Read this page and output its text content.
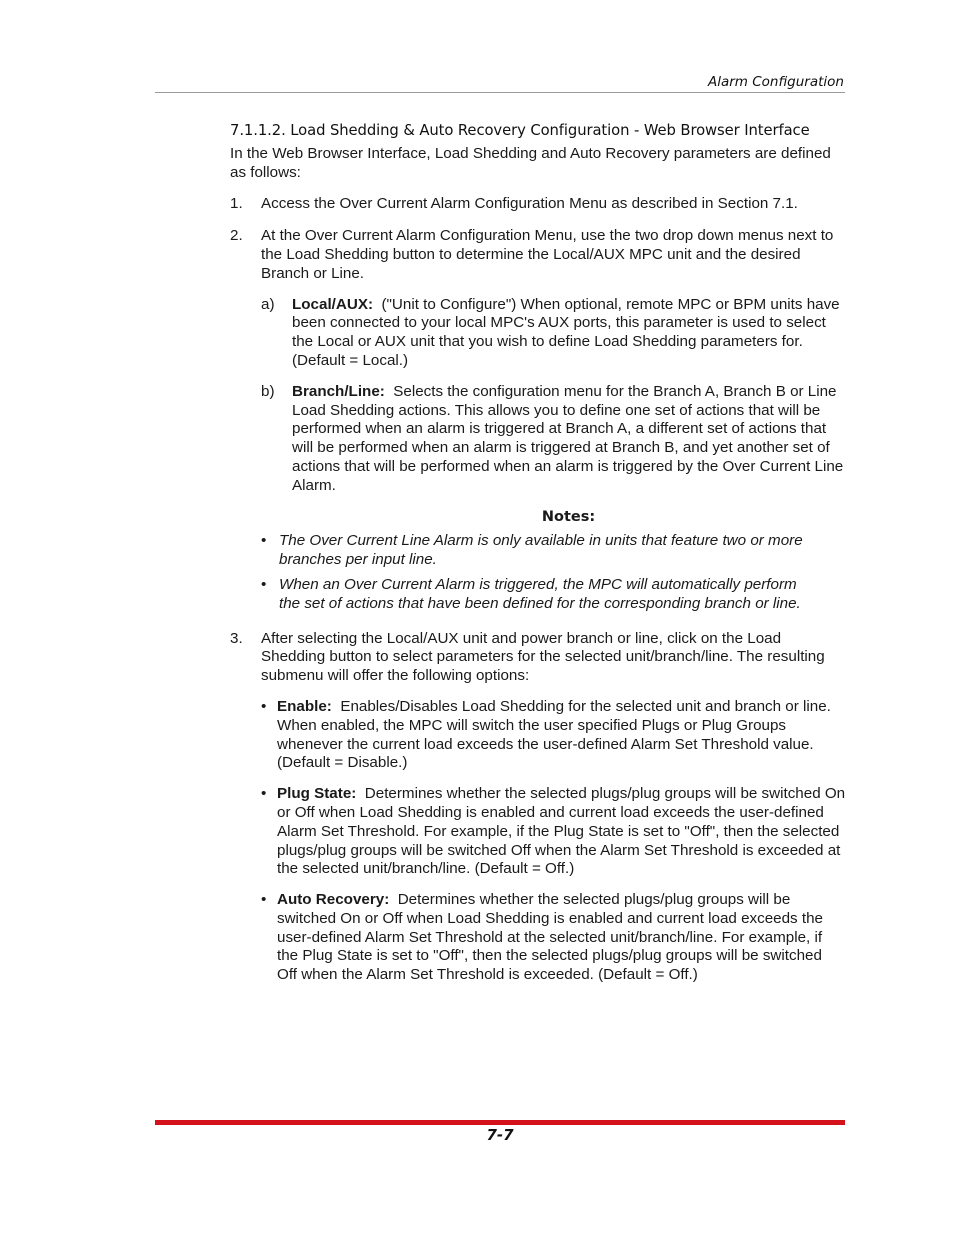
Alarm Configuration
7.1.1.2. Load Shedding & Auto Recovery Configuration - Web Browser Interface

In the Web Browser Interface, Load Shedding and Auto Recovery parameters are defined as follows:

1. Access the Over Current Alarm Configuration Menu as described in Section 7.1.
2. At the Over Current Alarm Configuration Menu, use the two drop down menus next to the Load Shedding button to determine the Local/AUX MPC unit and the desired Branch or Line.
a) Local/AUX: ("Unit to Configure") When optional, remote MPC or BPM units have been connected to your local MPC's AUX ports, this parameter is used to select the Local or AUX unit that you wish to define Load Shedding parameters for. (Default = Local.)
b) Branch/Line: Selects the configuration menu for the Branch A, Branch B or Line Load Shedding actions. This allows you to define one set of actions that will be performed when an alarm is triggered at Branch A, a different set of actions that will be performed when an alarm is triggered at Branch B, and yet another set of actions that will be performed when an alarm is triggered by the Over Current Line Alarm.
Notes:
• The Over Current Line Alarm is only available in units that feature two or more branches per input line.
• When an Over Current Alarm is triggered, the MPC will automatically perform the set of actions that have been defined for the corresponding branch or line.
3. After selecting the Local/AUX unit and power branch or line, click on the Load Shedding button to select parameters for the selected unit/branch/line. The resulting submenu will offer the following options:
• Enable: Enables/Disables Load Shedding for the selected unit and branch or line. When enabled, the MPC will switch the user specified Plugs or Plug Groups whenever the current load exceeds the user-defined Alarm Set Threshold value. (Default = Disable.)
• Plug State: Determines whether the selected plugs/plug groups will be switched On or Off when Load Shedding is enabled and current load exceeds the user-defined Alarm Set Threshold. For example, if the Plug State is set to "Off", then the selected plugs/plug groups will be switched Off when the Alarm Set Threshold is exceeded at the selected unit/branch/line. (Default = Off.)
• Auto Recovery: Determines whether the selected plugs/plug groups will be switched On or Off when Load Shedding is enabled and current load exceeds the user-defined Alarm Set Threshold at the selected unit/branch/line. For example, if the Plug State is set to "Off", then the selected plugs/plug groups will be switched Off when the Alarm Set Threshold is exceeded. (Default = Off.)
7-7
